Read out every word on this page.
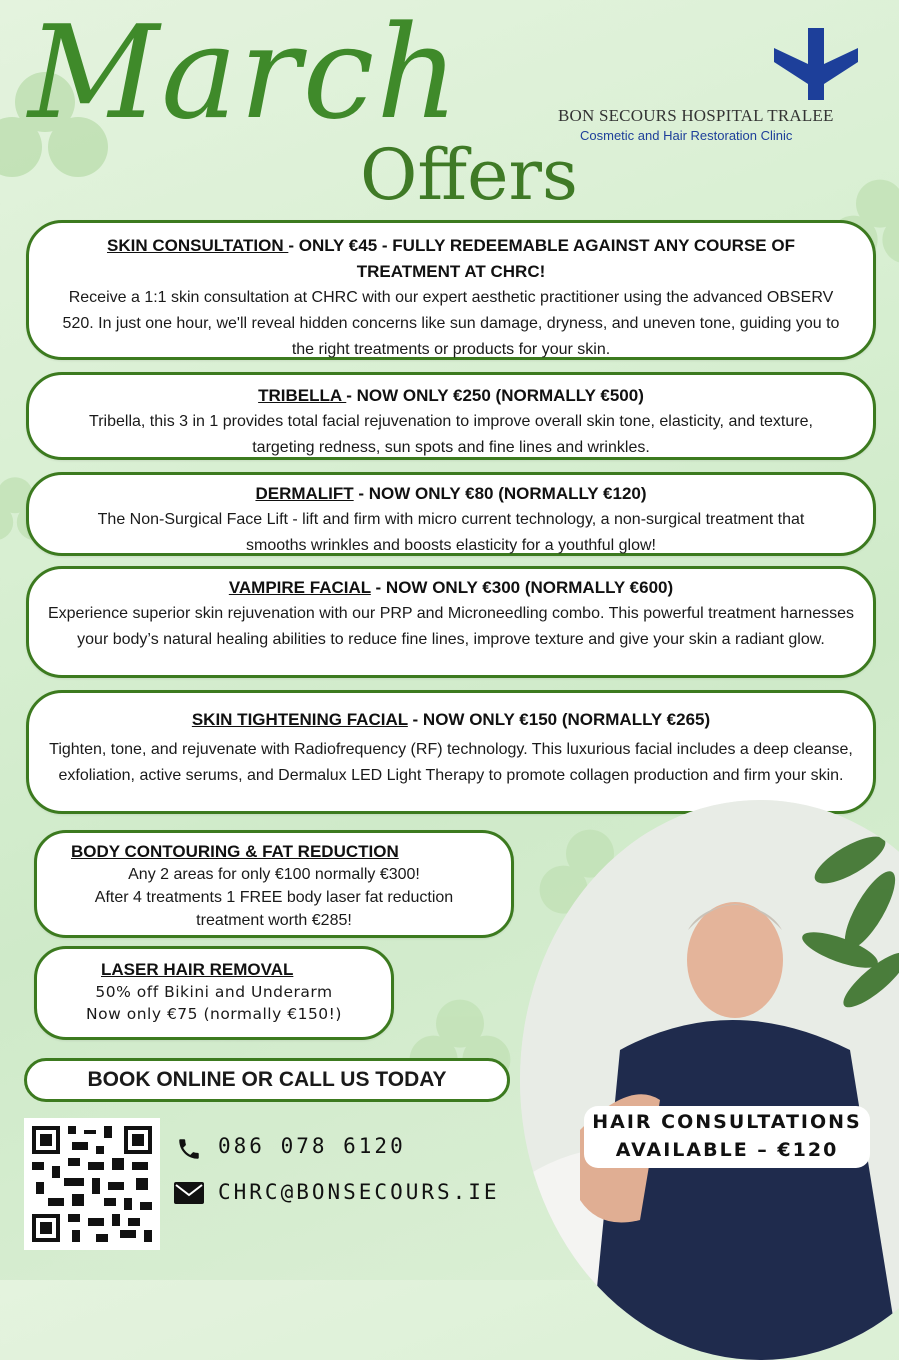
March
Offers
BON SECOURS HOSPITAL TRALEE
Cosmetic and Hair Restoration Clinic
SKIN CONSULTATION - ONLY €45 - FULLY REDEEMABLE AGAINST ANY COURSE OF TREATMENT AT CHRC!
Receive a 1:1 skin consultation at CHRC with our expert aesthetic practitioner using the advanced OBSERV 520. In just one hour, we'll reveal hidden concerns like sun damage, dryness, and uneven tone, guiding you to the right treatments or products for your skin.
TRIBELLA - NOW ONLY €250 (NORMALLY €500)
Tribella, this 3 in 1 provides total facial rejuvenation to improve overall skin tone, elasticity, and texture, targeting redness, sun spots and fine lines and wrinkles.
DERMALIFT - NOW ONLY €80 (NORMALLY €120)
The Non-Surgical Face Lift - lift and firm with micro current technology, a non-surgical treatment that smooths wrinkles and boosts elasticity for a youthful glow!
VAMPIRE FACIAL - NOW ONLY €300 (NORMALLY €600)
Experience superior skin rejuvenation with our PRP and Microneedling combo. This powerful treatment harnesses your body’s natural healing abilities to reduce fine lines, improve texture and give your skin a radiant glow.
SKIN TIGHTENING FACIAL - NOW ONLY €150 (NORMALLY €265)
Tighten, tone, and rejuvenate with Radiofrequency (RF) technology. This luxurious facial includes a deep cleanse, exfoliation, active serums, and Dermalux LED Light Therapy to promote collagen production and firm your skin.
HAIR CONSULTATIONS
AVAILABLE – €120
BODY CONTOURING & FAT REDUCTION
Any 2 areas for only €100 normally €300!
After 4 treatments 1 FREE body laser fat reduction treatment worth €285!
LASER HAIR REMOVAL
50% off Bikini and Underarm
Now only €75 (normally €150!)
BOOK ONLINE OR CALL US TODAY
086 078 6120
CHRC@BONSECOURS.IE
